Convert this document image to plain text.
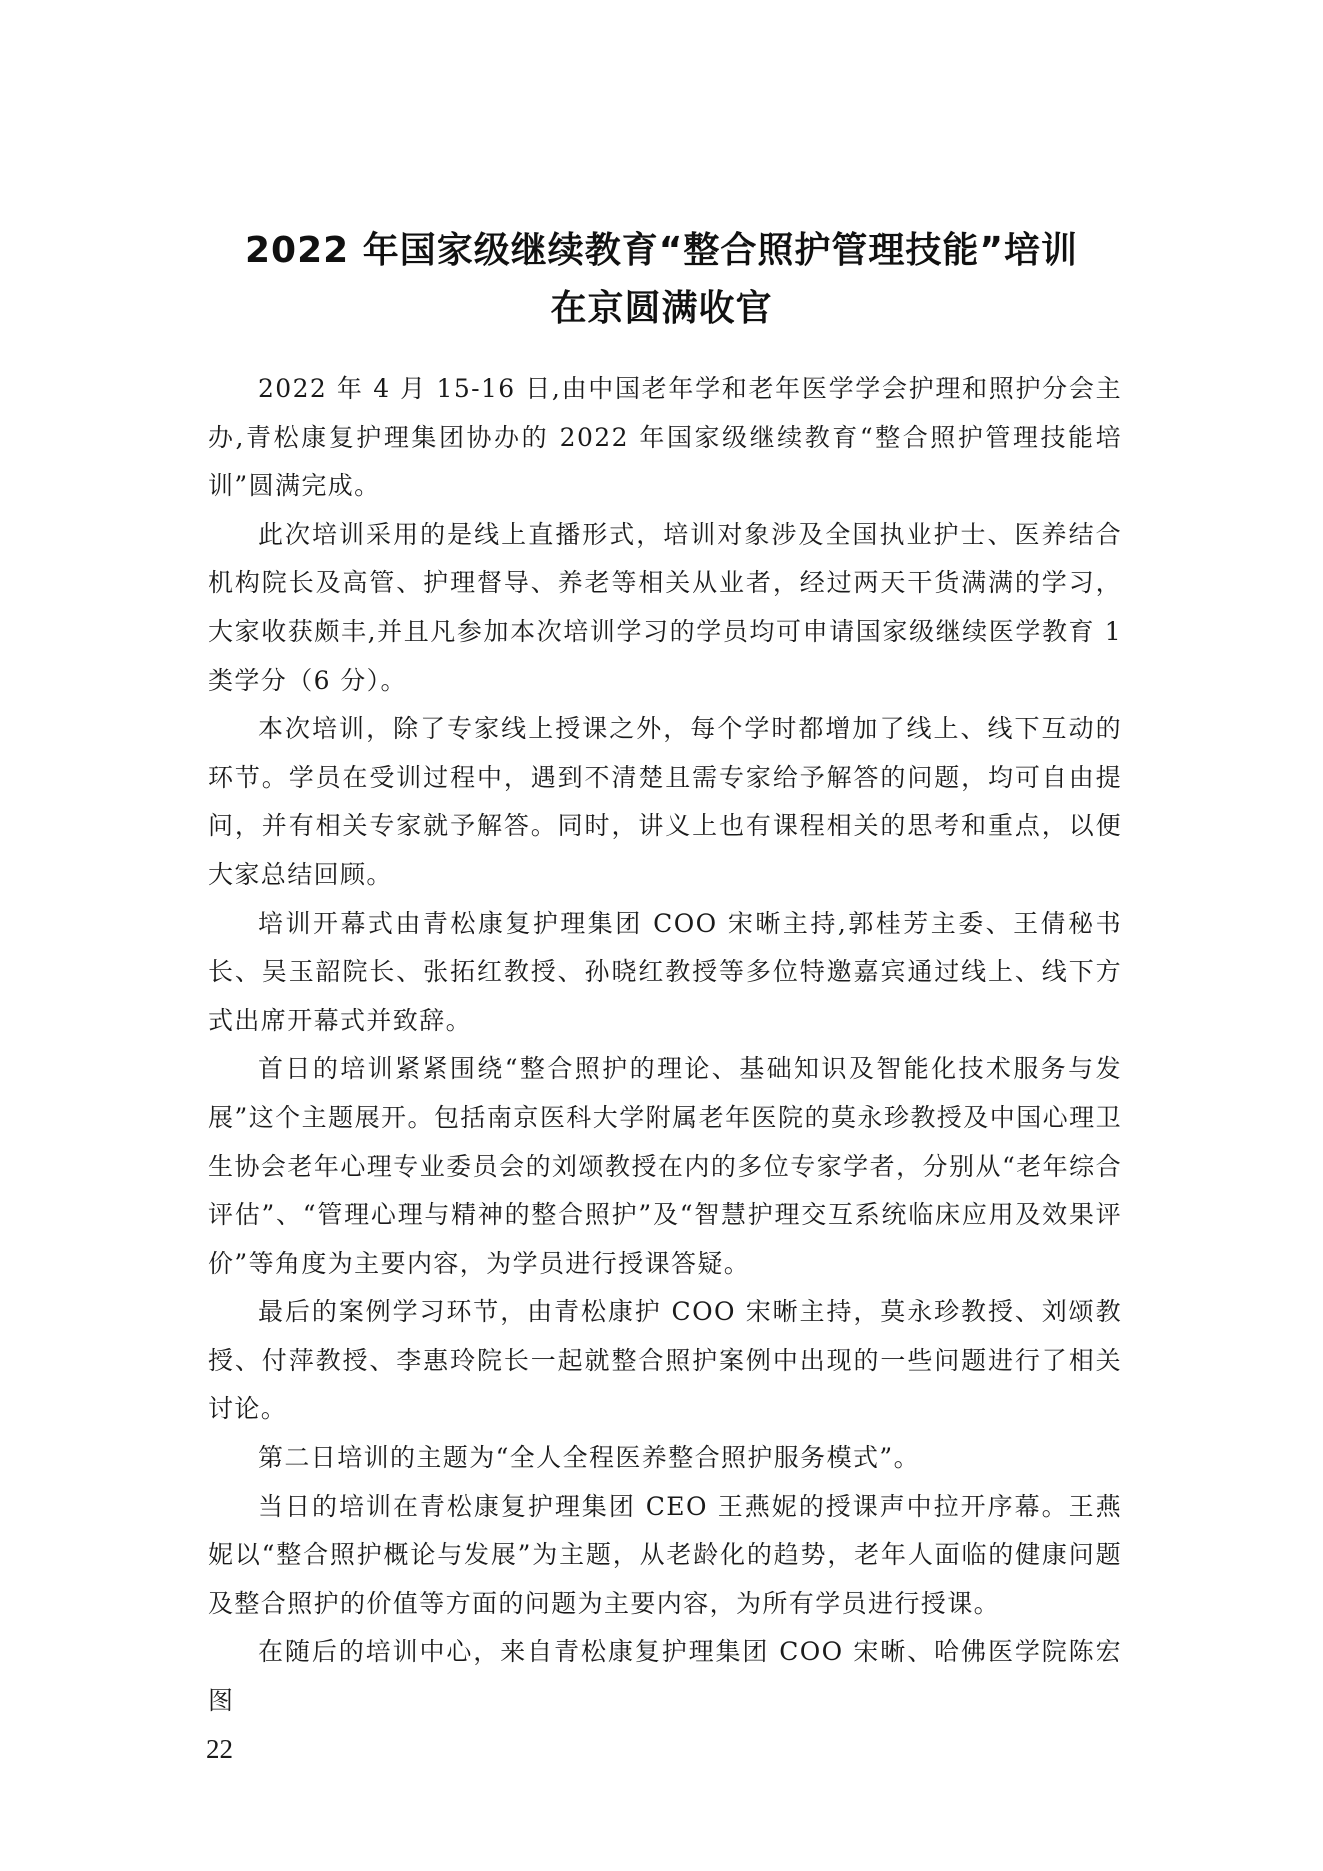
2022 年国家级继续教育“整合照护管理技能”培训

在京圆满收官

2022 年 4 月 15-16 日,由中国老年学和老年医学学会护理和照护分会主办,青松康复护理集团协办的 2022 年国家级继续教育“整合照护管理技能培训”圆满完成。

此次培训采用的是线上直播形式，培训对象涉及全国执业护士、医养结合机构院长及高管、护理督导、养老等相关从业者，经过两天干货满满的学习，大家收获颇丰,并且凡参加本次培训学习的学员均可申请国家级继续医学教育 1 类学分（6 分）。

本次培训，除了专家线上授课之外，每个学时都增加了线上、线下互动的环节。学员在受训过程中，遇到不清楚且需专家给予解答的问题，均可自由提问，并有相关专家就予解答。同时，讲义上也有课程相关的思考和重点，以便大家总结回顾。

培训开幕式由青松康复护理集团 COO 宋晰主持,郭桂芳主委、王倩秘书长、吴玉韶院长、张拓红教授、孙晓红教授等多位特邀嘉宾通过线上、线下方式出席开幕式并致辞。

首日的培训紧紧围绕“整合照护的理论、基础知识及智能化技术服务与发展”这个主题展开。包括南京医科大学附属老年医院的莫永珍教授及中国心理卫生协会老年心理专业委员会的刘颂教授在内的多位专家学者，分别从“老年综合评估”、“管理心理与精神的整合照护”及“智慧护理交互系统临床应用及效果评价”等角度为主要内容，为学员进行授课答疑。

最后的案例学习环节，由青松康护 COO 宋晰主持，莫永珍教授、刘颂教授、付萍教授、李惠玲院长一起就整合照护案例中出现的一些问题进行了相关讨论。

第二日培训的主题为“全人全程医养整合照护服务模式”。

当日的培训在青松康复护理集团 CEO 王燕妮的授课声中拉开序幕。王燕妮以“整合照护概论与发展”为主题，从老龄化的趋势，老年人面临的健康问题及整合照护的价值等方面的问题为主要内容，为所有学员进行授课。

在随后的培训中心，来自青松康复护理集团 COO 宋晰、哈佛医学院陈宏图

22
